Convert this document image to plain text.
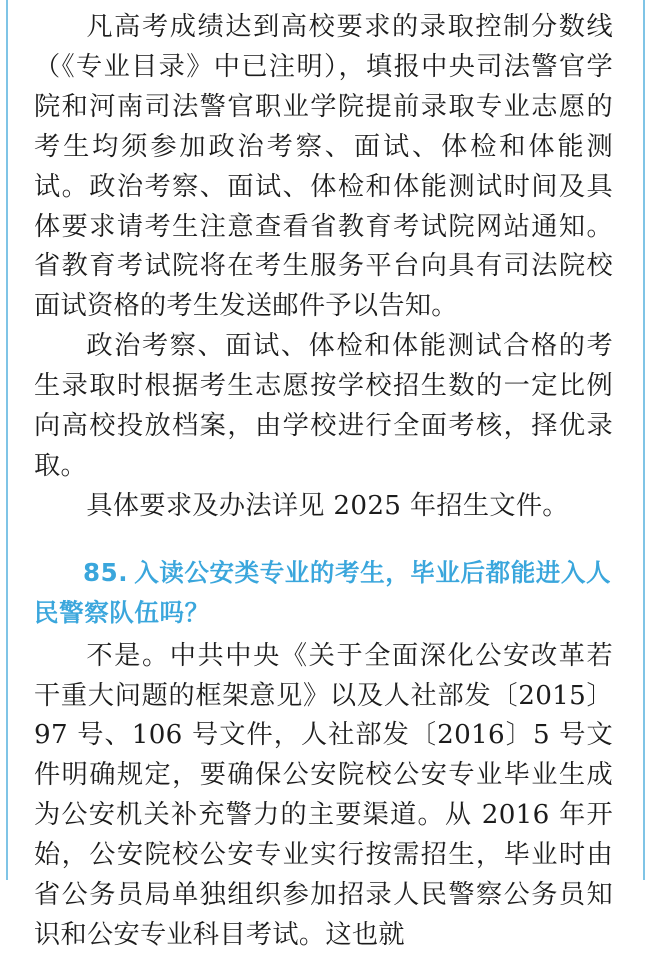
凡高考成绩达到高校要求的录取控制分数线（《专业目录》中已注明），填报中央司法警官学院和河南司法警官职业学院提前录取专业志愿的考生均须参加政治考察、面试、体检和体能测试。政治考察、面试、体检和体能测试时间及具体要求请考生注意查看省教育考试院网站通知。省教育考试院将在考生服务平台向具有司法院校面试资格的考生发送邮件予以告知。

政治考察、面试、体检和体能测试合格的考生录取时根据考生志愿按学校招生数的一定比例向高校投放档案，由学校进行全面考核，择优录取。

具体要求及办法详见 2025 年招生文件。

85. 入读公安类专业的考生，毕业后都能进入人民警察队伍吗？

不是。中共中央《关于全面深化公安改革若干重大问题的框架意见》以及人社部发〔2015〕97 号、106 号文件，人社部发〔2016〕5 号文件明确规定，要确保公安院校公安专业毕业生成为公安机关补充警力的主要渠道。从 2016 年开始，公安院校公安专业实行按需招生，毕业时由省公务员局单独组织参加招录人民警察公务员知识和公安专业科目考试。这也就
